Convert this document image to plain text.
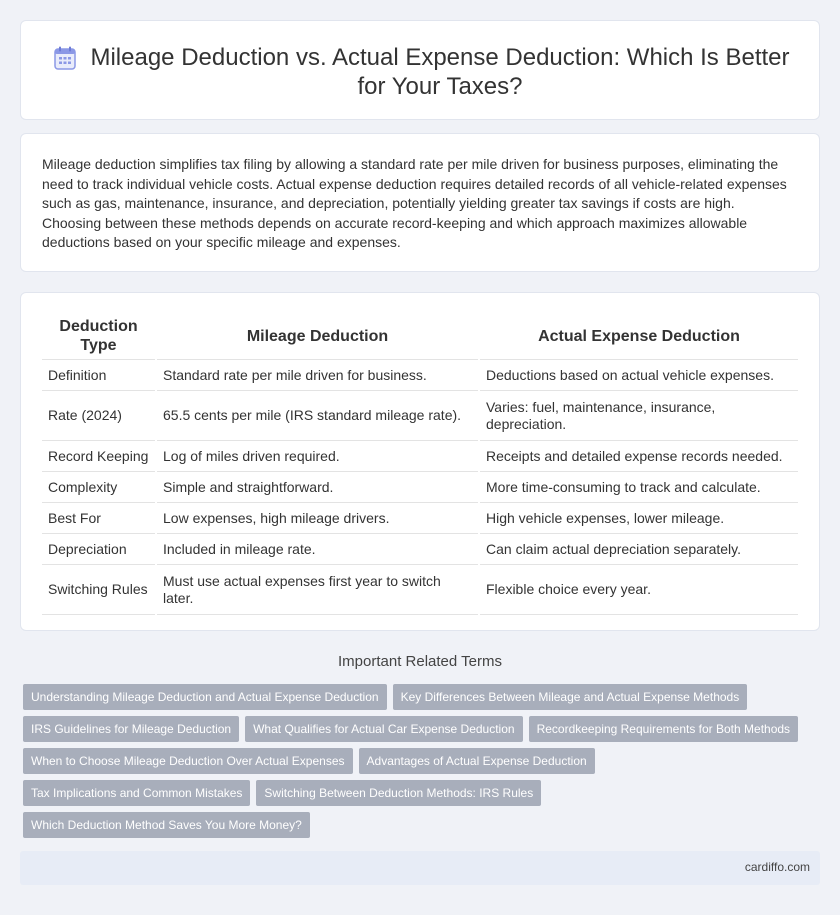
Mileage Deduction vs. Actual Expense Deduction: Which Is Better for Your Taxes?

Mileage deduction simplifies tax filing by allowing a standard rate per mile driven for business purposes, eliminating the need to track individual vehicle costs. Actual expense deduction requires detailed records of all vehicle-related expenses such as gas, maintenance, insurance, and depreciation, potentially yielding greater tax savings if costs are high. Choosing between these methods depends on accurate record-keeping and which approach maximizes allowable deductions based on your specific mileage and expenses.

Deduction Type	Mileage Deduction	Actual Expense Deduction
Definition	Standard rate per mile driven for business.	Deductions based on actual vehicle expenses.
Rate (2024)	65.5 cents per mile (IRS standard mileage rate).	Varies: fuel, maintenance, insurance, depreciation.
Record Keeping	Log of miles driven required.	Receipts and detailed expense records needed.
Complexity	Simple and straightforward.	More time-consuming to track and calculate.
Best For	Low expenses, high mileage drivers.	High vehicle expenses, lower mileage.
Depreciation	Included in mileage rate.	Can claim actual depreciation separately.
Switching Rules	Must use actual expenses first year to switch later.	Flexible choice every year.
Important Related Terms
Understanding Mileage Deduction and Actual Expense Deduction	Key Differences Between Mileage and Actual Expense Methods
IRS Guidelines for Mileage Deduction	What Qualifies for Actual Car Expense Deduction	Recordkeeping Requirements for Both Methods
When to Choose Mileage Deduction Over Actual Expenses	Advantages of Actual Expense Deduction
Tax Implications and Common Mistakes	Switching Between Deduction Methods: IRS Rules
Which Deduction Method Saves You More Money?
cardiffo.com
